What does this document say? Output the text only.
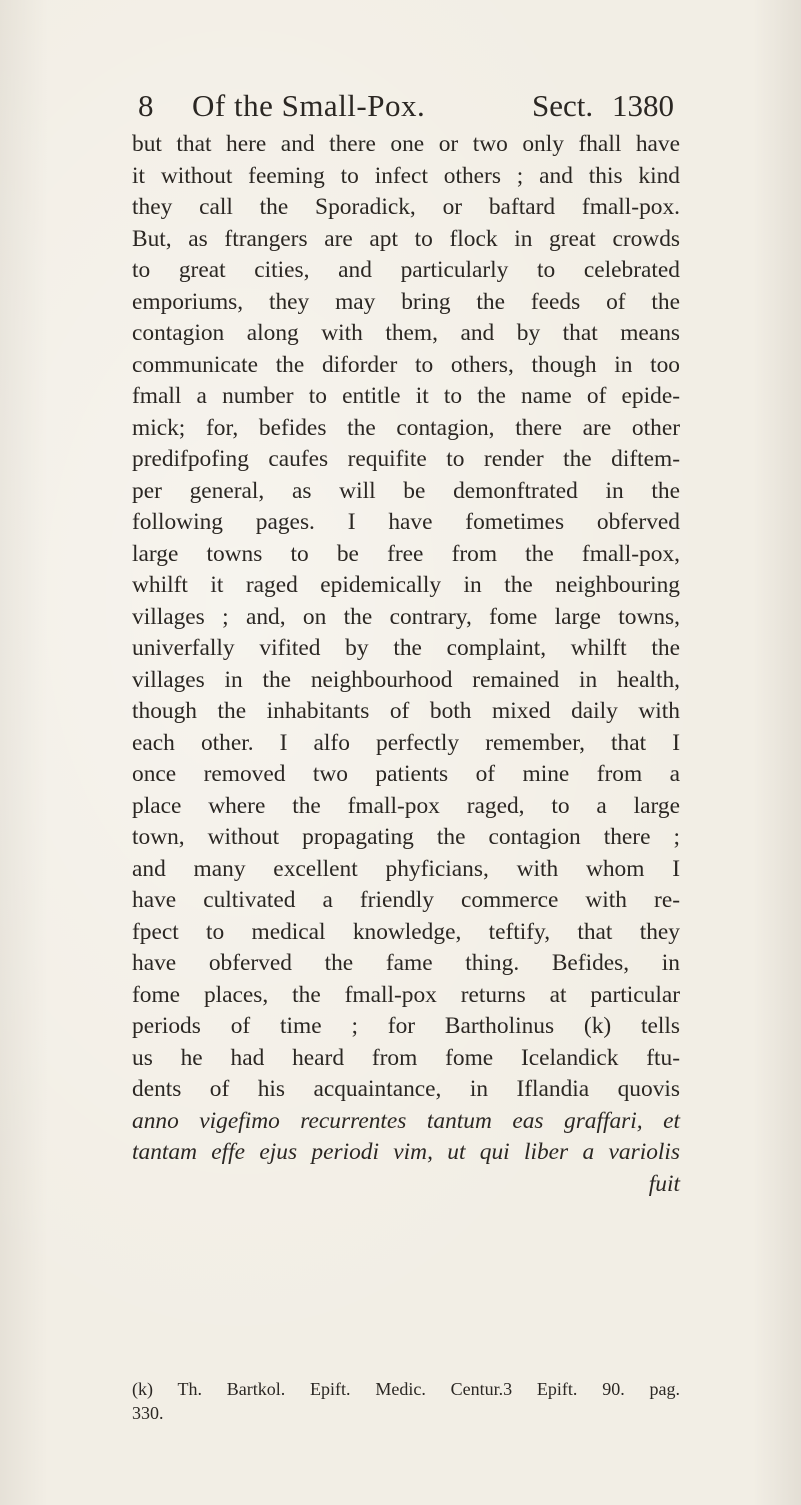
8 Of the Small-Pox.	Sect. 1380
but that here and there one or two only fhall have
it without feeming to infect others ; and this kind
they call the Sporadick, or baftard fmall-pox.
But, as ftrangers are apt to flock in great crowds
to great cities, and particularly to celebrated
emporiums, they may bring the feeds of the
contagion along with them, and by that means
communicate the diforder to others, though in too
fmall a number to entitle it to the name of epide-
mick; for, befides the contagion, there are other
predifpofing caufes requifite to render the diftem-
per general, as will be demonftrated in the
following pages. I have fometimes obferved
large towns to be free from the fmall-pox,
whilft it raged epidemically in the neighbouring
villages ; and, on the contrary, fome large towns,
univerfally vifited by the complaint, whilft the
villages in the neighbourhood remained in health,
though the inhabitants of both mixed daily with
each other. I alfo perfectly remember, that I
once removed two patients of mine from a
place where the fmall-pox raged, to a large
town, without propagating the contagion there ;
and many excellent phyficians, with whom I
have cultivated a friendly commerce with re-
fpect to medical knowledge, teftify, that they
have obferved the fame thing. Befides, in
fome places, the fmall-pox returns at particular
periods of time ; for Bartholinus (k) tells
us he had heard from fome Icelandick ftu-
dents of his acquaintance, in Iflandia quovis
anno vigefimo recurrentes tantum eas graffari, et
tantam effe ejus periodi vim, ut qui liber a variolis
fuit
(k) Th. Bartkol. Epift. Medic. Centur.3 Epift. 90. pag.
330.
